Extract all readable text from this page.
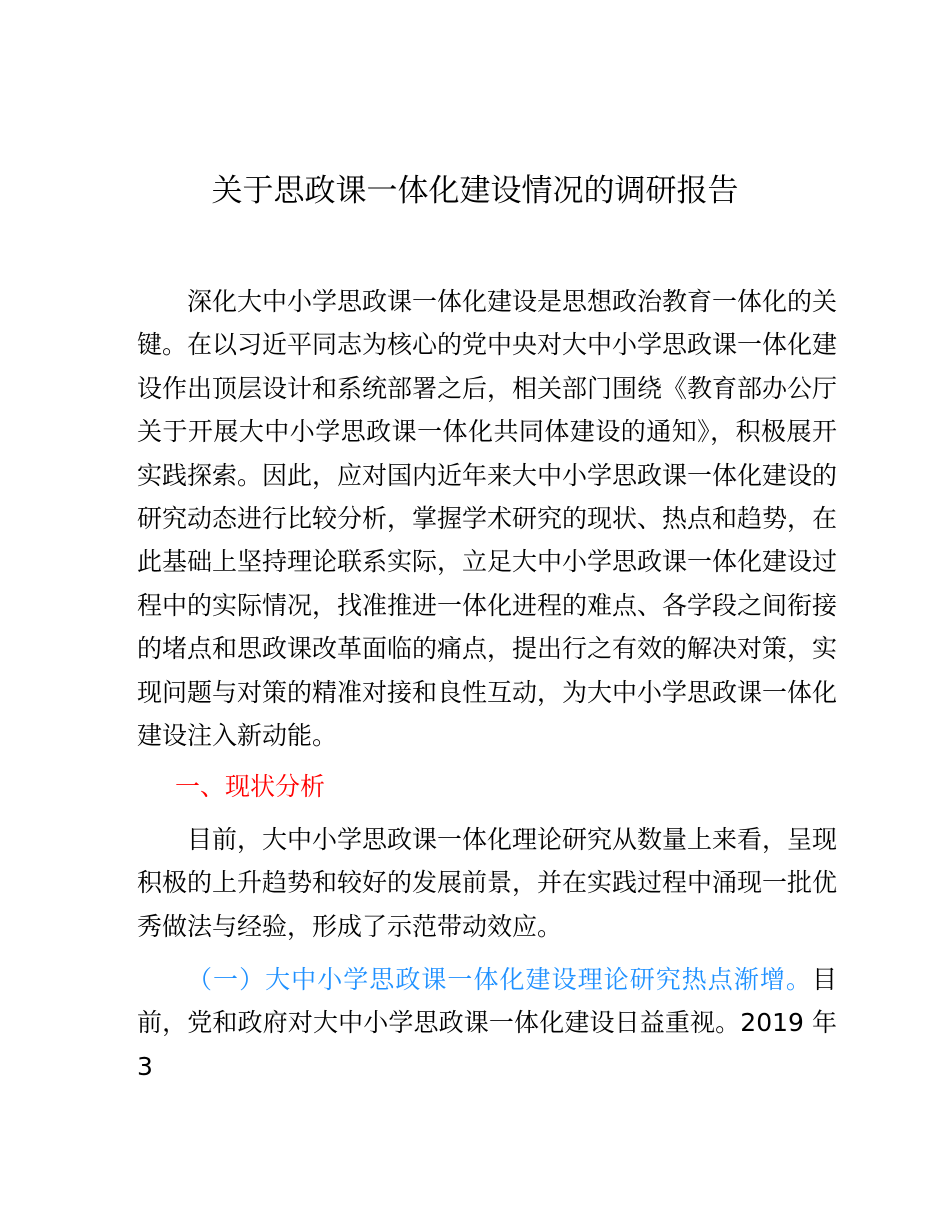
关于思政课一体化建设情况的调研报告

深化大中小学思政课一体化建设是思想政治教育一体化的关键。在以习近平同志为核心的党中央对大中小学思政课一体化建设作出顶层设计和系统部署之后，相关部门围绕《教育部办公厅关于开展大中小学思政课一体化共同体建设的通知》，积极展开实践探索。因此，应对国内近年来大中小学思政课一体化建设的研究动态进行比较分析，掌握学术研究的现状、热点和趋势，在此基础上坚持理论联系实际，立足大中小学思政课一体化建设过程中的实际情况，找准推进一体化进程的难点、各学段之间衔接的堵点和思政课改革面临的痛点，提出行之有效的解决对策，实现问题与对策的精准对接和良性互动，为大中小学思政课一体化建设注入新动能。

一、现状分析

目前，大中小学思政课一体化理论研究从数量上来看，呈现积极的上升趋势和较好的发展前景，并在实践过程中涌现一批优秀做法与经验，形成了示范带动效应。

（一）大中小学思政课一体化建设理论研究热点渐增。目前，党和政府对大中小学思政课一体化建设日益重视。2019 年 3
